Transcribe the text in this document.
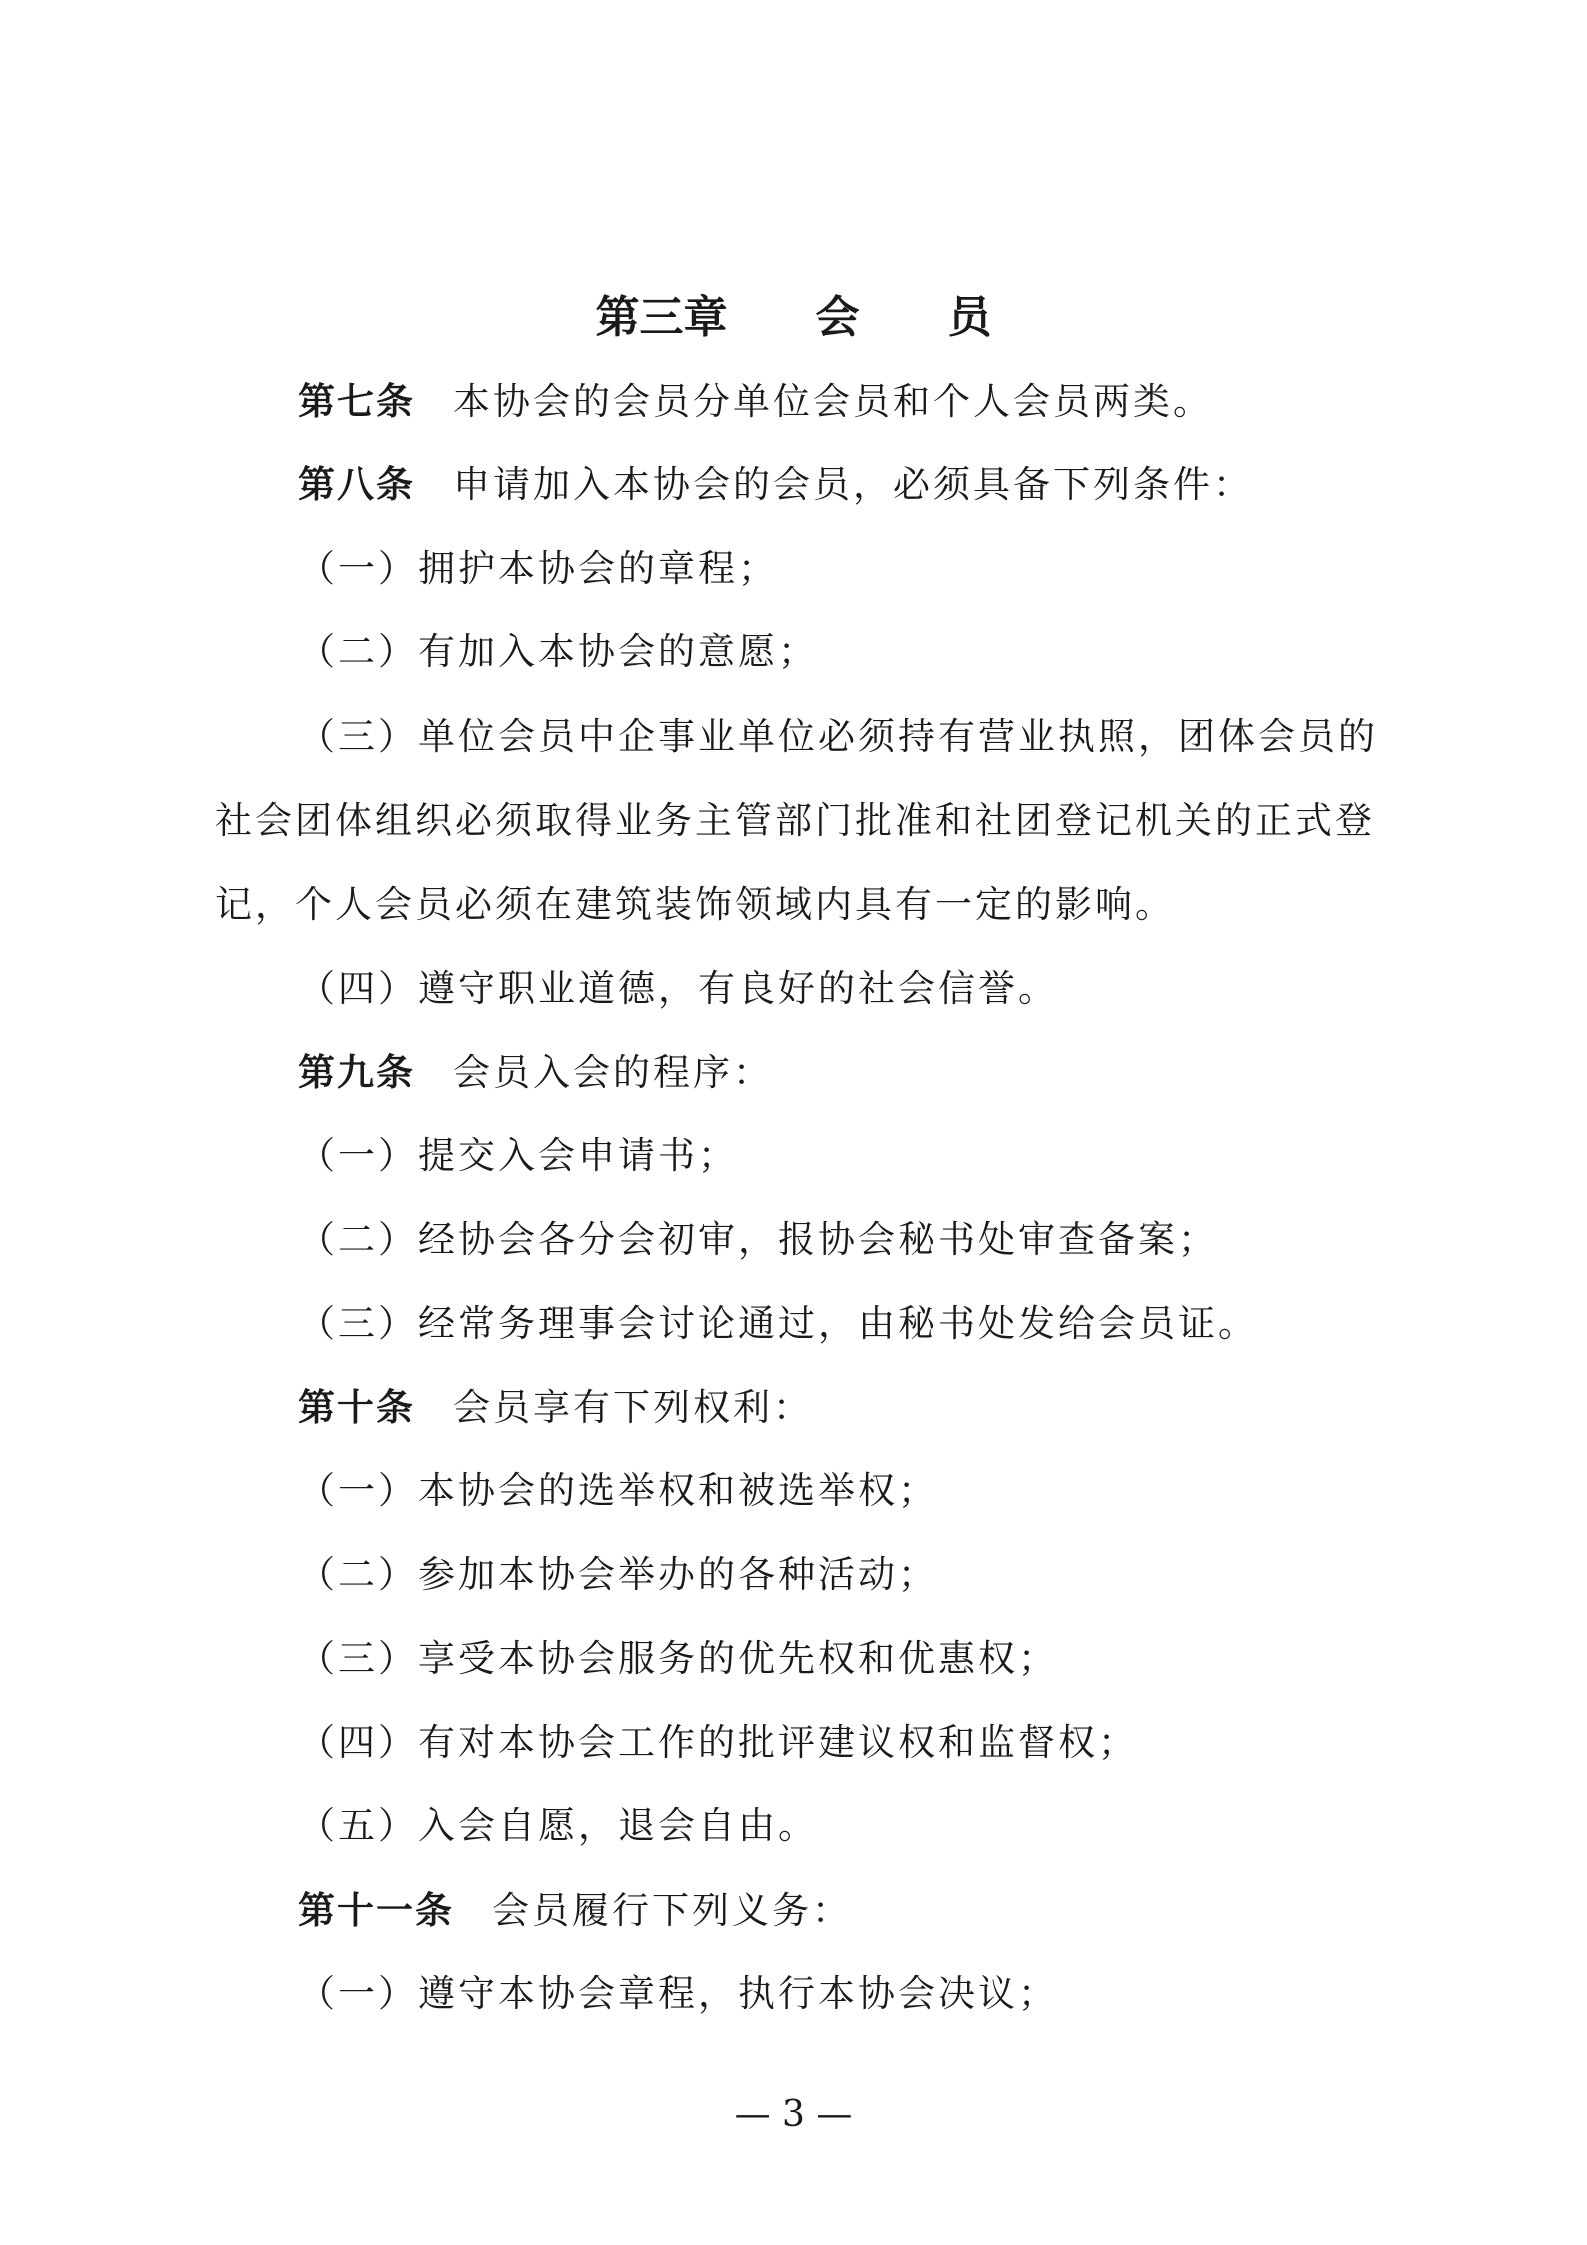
第三章　　会　　员
第七条 本协会的会员分单位会员和个人会员两类。
第八条 申请加入本协会的会员，必须具备下列条件：
（一）拥护本协会的章程；
（二）有加入本协会的意愿；
（三）单位会员中企事业单位必须持有营业执照，团体会员的
社会团体组织必须取得业务主管部门批准和社团登记机关的正式登
记，个人会员必须在建筑装饰领域内具有一定的影响。
（四）遵守职业道德，有良好的社会信誉。
第九条 会员入会的程序：
（一）提交入会申请书；
（二）经协会各分会初审，报协会秘书处审查备案；
（三）经常务理事会讨论通过，由秘书处发给会员证。
第十条 会员享有下列权利：
（一）本协会的选举权和被选举权；
（二）参加本协会举办的各种活动；
（三）享受本协会服务的优先权和优惠权；
（四）有对本协会工作的批评建议权和监督权；
（五）入会自愿，退会自由。
第十一条 会员履行下列义务：
（一）遵守本协会章程，执行本协会决议；
— 3 —
